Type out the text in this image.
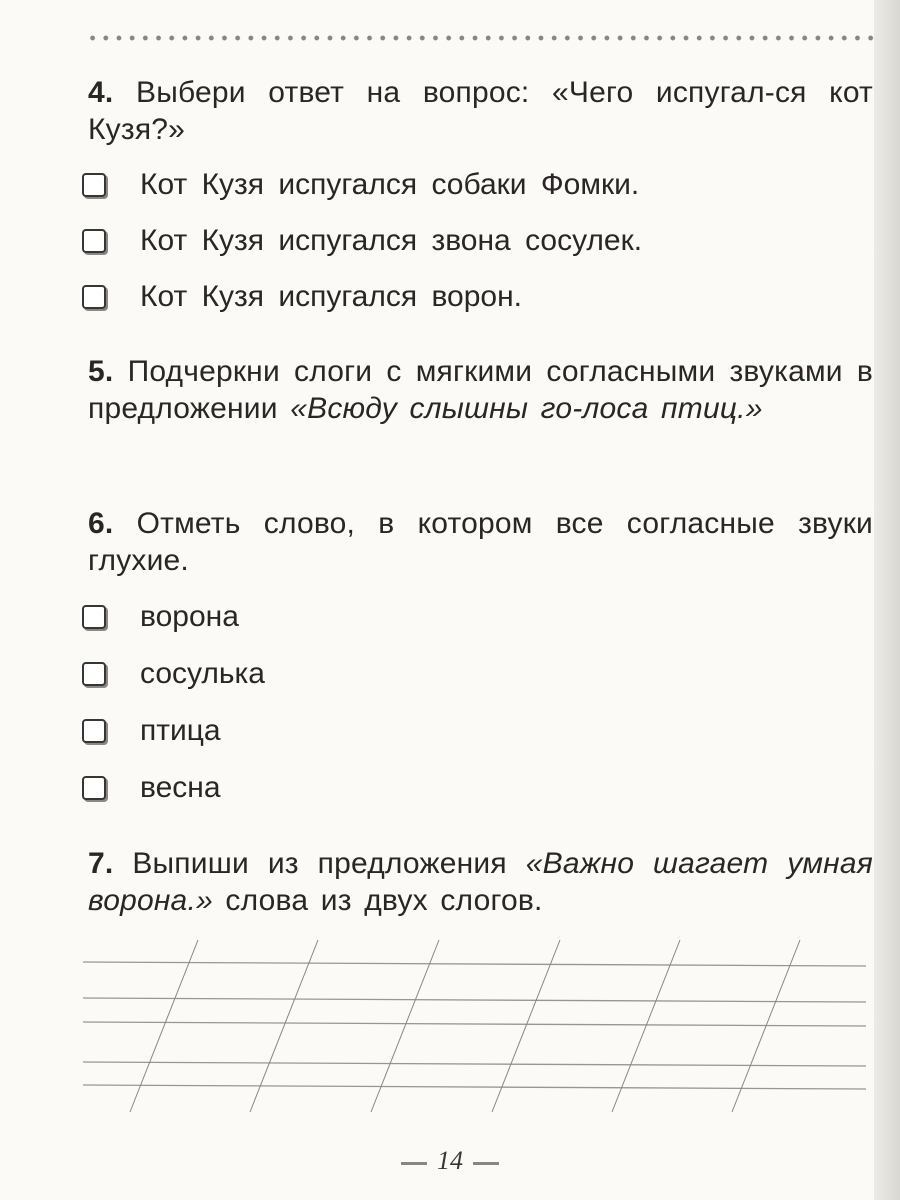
4. Выбери ответ на вопрос: «Чего испугал-ся кот Кузя?»
Кот Кузя испугался собаки Фомки.
Кот Кузя испугался звона сосулек.
Кот Кузя испугался ворон.
5. Подчеркни слоги с мягкими согласными звуками в предложении «Всюду слышны го-лоса птиц.»
6. Отметь слово, в котором все согласные звуки глухие.
ворона
сосулька
птица
весна
7. Выпиши из предложения «Важно шагает умная ворона.» слова из двух слогов.
14
